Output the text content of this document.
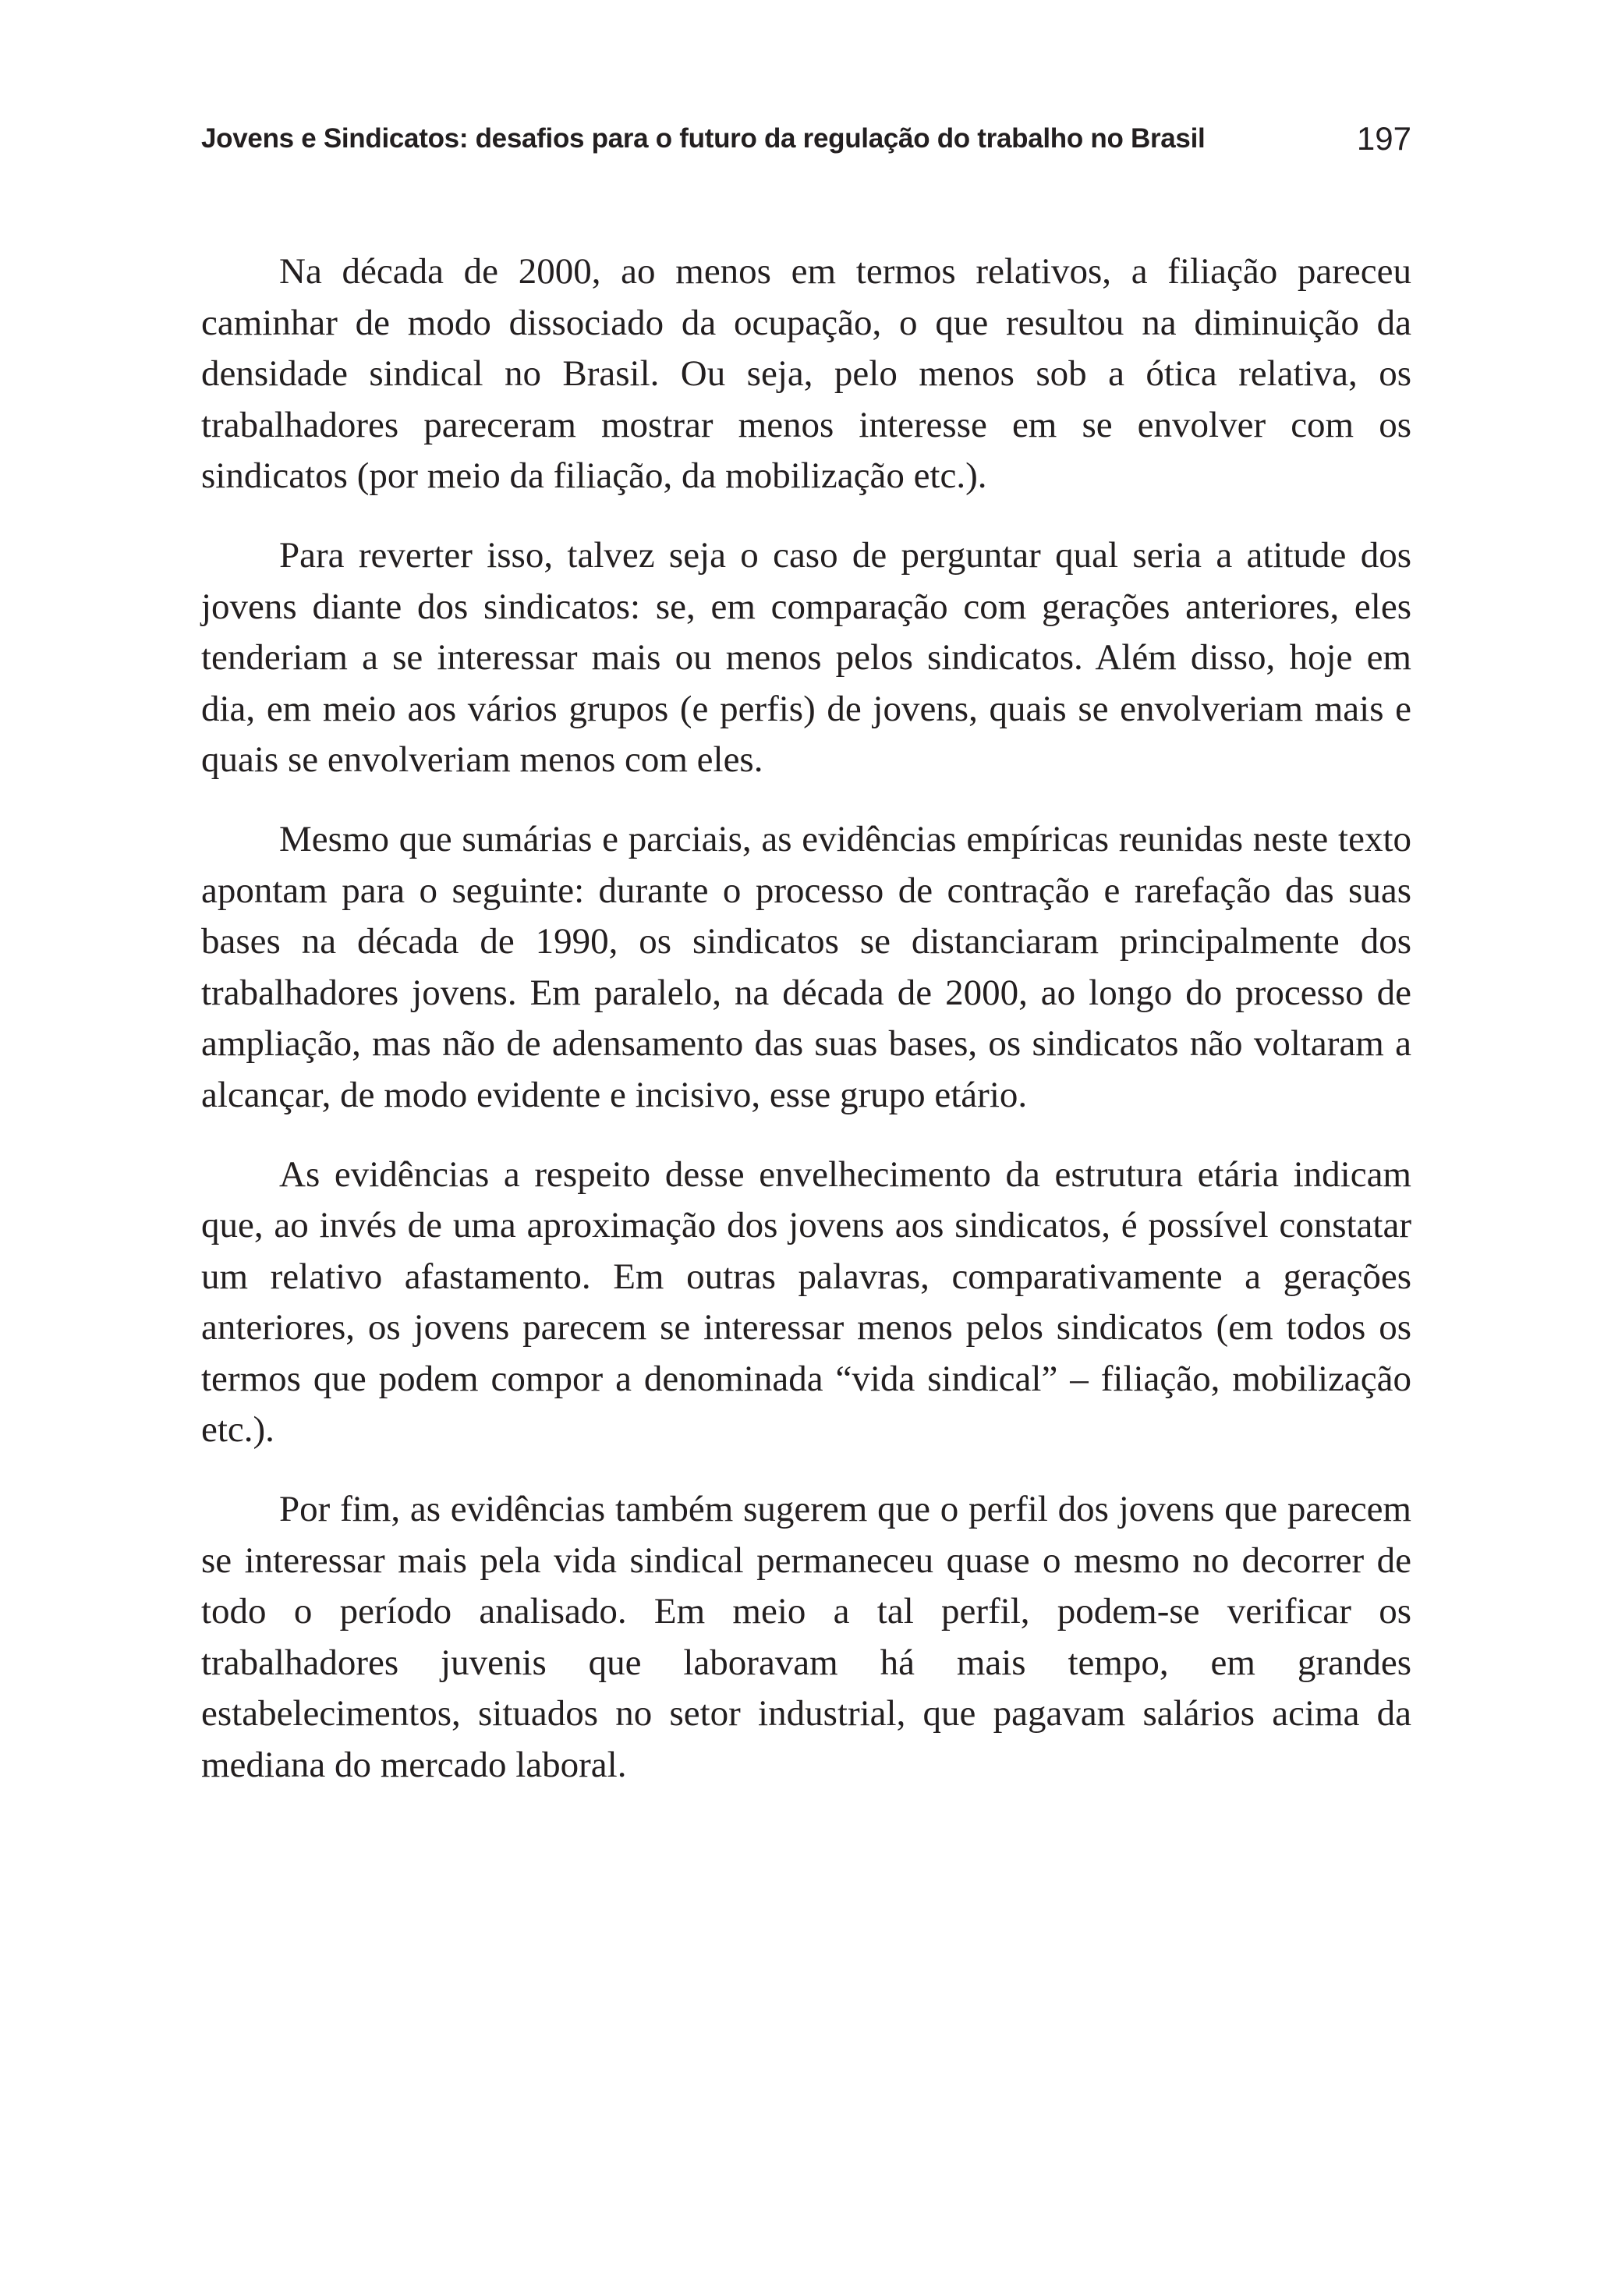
Jovens e Sindicatos: desafios para o futuro da regulação do trabalho no Brasil	197

Na década de 2000, ao menos em termos relativos, a filiação pareceu caminhar de modo dissociado da ocupação, o que resultou na diminuição da densidade sindical no Brasil. Ou seja, pelo menos sob a ótica relativa, os trabalhadores pareceram mostrar menos interesse em se envolver com os sindicatos (por meio da filiação, da mobilização etc.).

Para reverter isso, talvez seja o caso de perguntar qual seria a atitude dos jovens diante dos sindicatos: se, em comparação com gerações anteriores, eles tenderiam a se interessar mais ou menos pelos sindicatos. Além disso, hoje em dia, em meio aos vários grupos (e perfis) de jovens, quais se envolveriam mais e quais se envolveriam menos com eles.

Mesmo que sumárias e parciais, as evidências empíricas reunidas neste texto apontam para o seguinte: durante o processo de contração e rarefação das suas bases na década de 1990, os sindicatos se distanciaram principalmente dos trabalhadores jovens. Em paralelo, na década de 2000, ao longo do processo de ampliação, mas não de adensamento das suas bases, os sindicatos não voltaram a alcançar, de modo evidente e incisivo, esse grupo etário.

As evidências a respeito desse envelhecimento da estrutura etária indicam que, ao invés de uma aproximação dos jovens aos sindicatos, é possível constatar um relativo afastamento. Em outras palavras, comparativamente a gerações anteriores, os jovens parecem se interessar menos pelos sindicatos (em todos os termos que podem compor a denominada “vida sindical” – filiação, mobilização etc.).

Por fim, as evidências também sugerem que o perfil dos jovens que parecem se interessar mais pela vida sindical permaneceu quase o mesmo no decorrer de todo o período analisado. Em meio a tal perfil, podem-se verificar os trabalhadores juvenis que laboravam há mais tempo, em grandes estabelecimentos, situados no setor industrial, que pagavam salários acima da mediana do mercado laboral.
